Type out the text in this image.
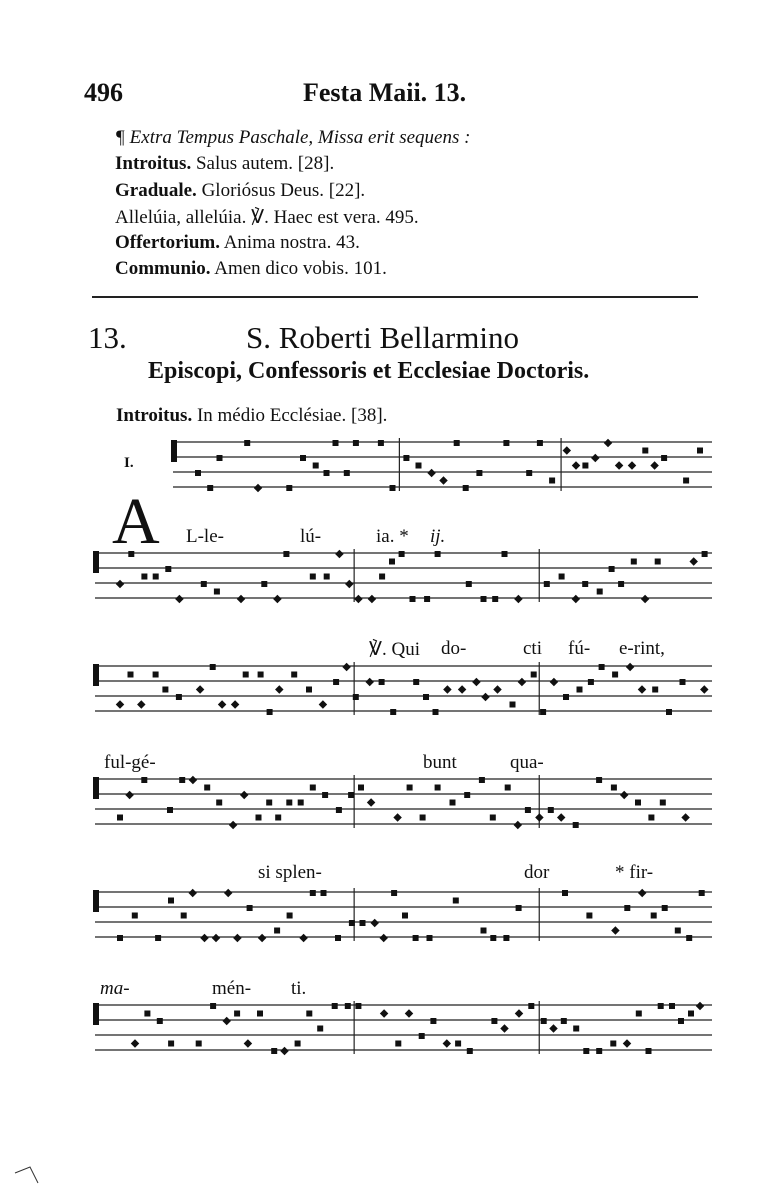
496	Festa Maii. 13.
¶ Extra Tempus Paschale, Missa erit sequens :
Introitus. Salus autem. [28].
Graduale. Gloriósus Deus. [22].
Allelúia, allelúia. ℣. Haec est vera. 495.
Offertorium. Anima nostra. 43.
Communio. Amen dico vobis. 101.
13.	S. Roberti Bellarmino
Episcopi, Confessoris et Ecclesiae Doctoris.
Introitus. In médio Ecclésiae. [38].
I.
A L-le-	lú-	ia. * ij.
℣. Qui do-	cti fú- e-rint,
ful-gé-	bunt	qua-
si splen-	dor	* fir-
ma-	mén- ti.
